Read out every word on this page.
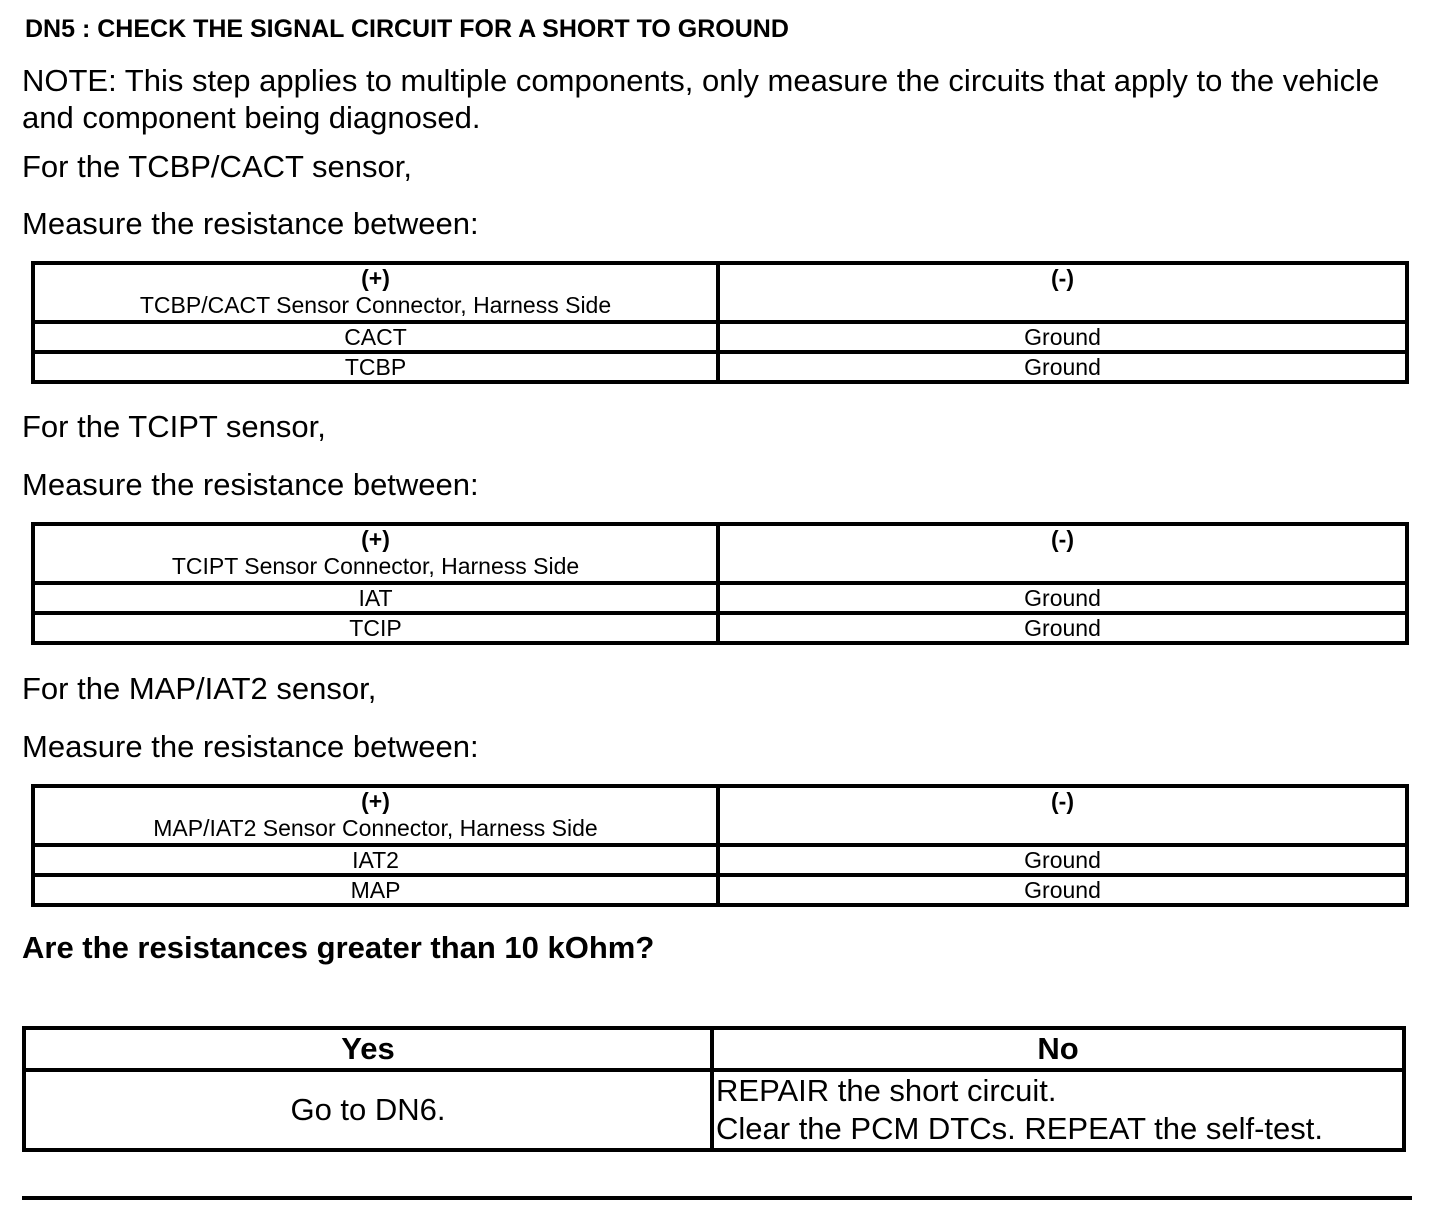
DN5 : CHECK THE SIGNAL CIRCUIT FOR A SHORT TO GROUND
NOTE: This step applies to multiple components, only measure the circuits that apply to the vehicle and component being diagnosed.
For the TCBP/CACT sensor,
Measure the resistance between:
(+)
TCBP/CACT Sensor Connector, Harness Side	(-)
CACT	Ground
TCBP	Ground
For the TCIPT sensor,
Measure the resistance between:
(+)
TCIPT Sensor Connector, Harness Side	(-)
IAT	Ground
TCIP	Ground
For the MAP/IAT2 sensor,
Measure the resistance between:
(+)
MAP/IAT2 Sensor Connector, Harness Side	(-)
IAT2	Ground
MAP	Ground
Are the resistances greater than 10 kOhm?
Yes	No
Go to DN6.	REPAIR the short circuit.
Clear the PCM DTCs. REPEAT the self-test.
